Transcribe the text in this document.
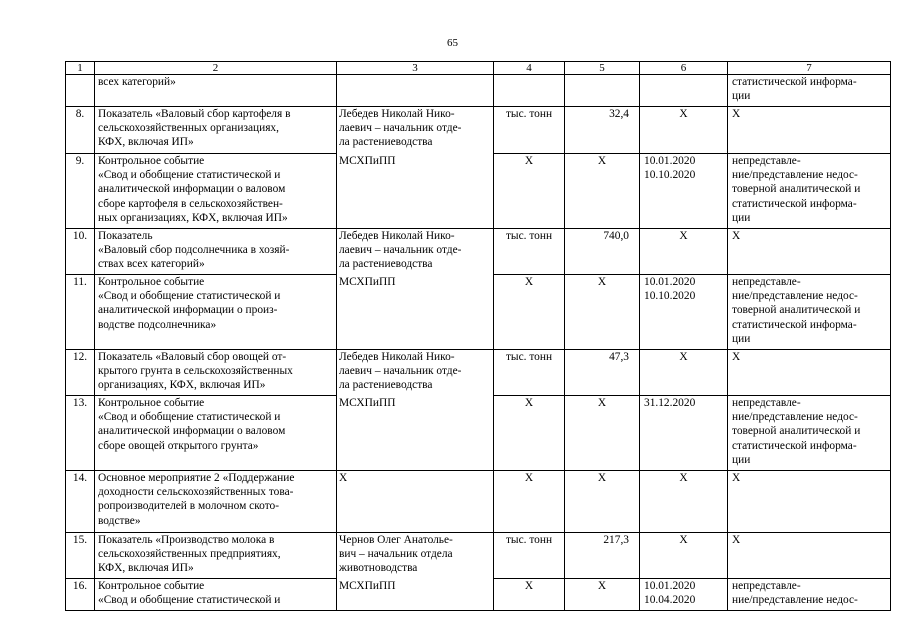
65
1	2	3	4	5	6	7

	всех категорий»					статистической информа-
ции

8.	Показатель «Валовый сбор картофеля в
сельскохозяйственных организациях,
КФХ, включая ИП»	Лебедев Николай Нико-
лаевич – начальник отде-
ла растениеводства	тыс. тонн	32,4	Х	Х

9.	Контрольное событие
«Свод и обобщение статистической и
аналитической информации о валовом
сборе картофеля в сельскохозяйствен-
ных организациях, КФХ, включая ИП»	МСХПиПП	Х	Х	10.01.2020
10.10.2020	непредставле-
ние/представление недос-
товерной аналитической и
статистической информа-
ции

10.	Показатель
«Валовый сбор подсолнечника в хозяй-
ствах всех категорий»	Лебедев Николай Нико-
лаевич – начальник отде-
ла растениеводства	тыс. тонн	740,0	Х	Х

11.	Контрольное событие
«Свод и обобщение статистической и
аналитической информации о произ-
водстве подсолнечника»	МСХПиПП	Х	Х	10.01.2020
10.10.2020	непредставле-
ние/представление недос-
товерной аналитической и
статистической информа-
ции

12.	Показатель «Валовый сбор овощей от-
крытого грунта в сельскохозяйственных
организациях, КФХ, включая ИП»	Лебедев Николай Нико-
лаевич – начальник отде-
ла растениеводства	тыс. тонн	47,3	Х	Х

13.	Контрольное событие
«Свод и обобщение статистической и
аналитической информации о валовом
сборе овощей открытого грунта»	МСХПиПП	Х	Х	31.12.2020	непредставле-
ние/представление недос-
товерной аналитической и
статистической информа-
ции

14.	Основное мероприятие 2 «Поддержание
доходности сельскохозяйственных това-
ропроизводителей в молочном ското-
водстве»	Х	Х	Х	Х	Х

15.	Показатель «Производство молока в
сельскохозяйственных предприятиях,
КФХ, включая ИП»	Чернов Олег Анатолье-
вич – начальник отдела
животноводства	тыс. тонн	217,3	Х	Х

16.	Контрольное событие
«Свод и обобщение статистической и	МСХПиПП	Х	Х	10.01.2020
10.04.2020	непредставле-
ние/представление недос-
